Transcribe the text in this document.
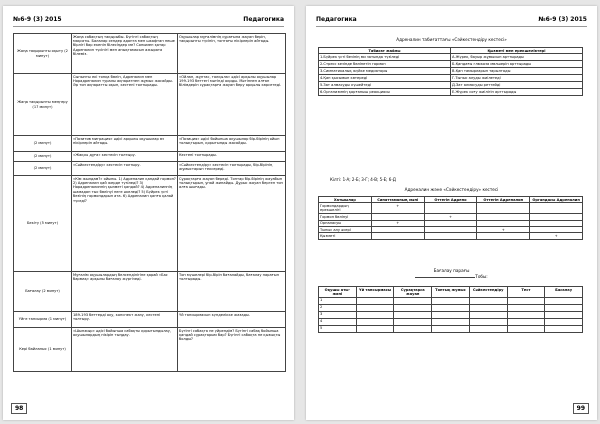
№6-9 (3) 2015	Педагогика
Жаңа тақырыпты оқыту (2 минут)	Жаңа сабақтың тақырыбы. Бүгінгі сабақтың мақсаты. Балалар сендер адапта мен шкафтан неше бірлігі бар екенін білесіңдер ме? Сонымен қатар Адреналин түсінігі мен анықтамасын ажырата білеміз.	Оқушылар мұғалімнің сұрағына жауап беріп, тақырыпты түсініп, топтағы пікірлерін айтады.
Жаңа тақырыпты меңгеру (17 минут)	Сыныпты екі топқа бөліп, Адреналин мен Норадреналин туралы ақпаратпен жұмыс жасайды. Әр топ ақпаратты оқып, кестені толтырады.	«Ойлан, жұптас, талқыла» әдісі арқылы оқушылар 199-193 беттегі мәтінді оқиды. Мәтіннен алған білімдерін сұрақтарға жауап беру арқылы көрсетеді.
(2 минут)	«Позитив миграция» әдісі арқылы оқушылар өз пікірлерін айтады.	«Позиция» әдісі бойынша оқушылар бір-бірінің ойын толықтырып, қорытынды жасайды.
(2 минут)	«Жақсы дұға» кестесін толтыру.	Кестені толтырады.
(2 минут)	«Сәйкестендіру» кестесін толтыру.	«Сәйкестендіру» кестесін толтырады, бір-бірінің жұмыстарын тексереді.
Бекіту (5 минут)	«Кім жылдам?» ойыны. 1) Адреналин қандай гормон? 2) Адреналин қай жерде түзіледі? 3) Норадреналиннің қызметі қандай? 4) Адреналиннің шамадан тыс бөлінуі неге әкеледі? 5) Бүйрек үсті безінің гормондарын ата. 6) Адреналин қанға қалай түседі?	Сұрақтарға жауап береді. Топтар бір-бірінің жауабын толықтырып, ұпай жинайды. Дұрыс жауап берген топ алға шығады.
Бағалау (2 минут)	Мұғалім оқушылардың белсенділігіне қарай «Бас бармақ» арқылы бағалау жүргізеді.	Топ мүшелері бір-бірін бағалайды, бағалау парағын толтырады.
Үйге тапсырма (1 минут)	189-193 беттерді оқу, конспект жазу, кестені толтыру.	Үй тапсырмасын күнделікке жазады.
Кері байланыс (1 минут)	«Шынжыр» әдісі бойынша сабақты қорытындылау, оқушылардың пікірін тыңдау.	Бүгінгі сабақта не үйрендім? Бүгінгі сабақ бойынша қандай сұрақтарым бар? Бүгінгі сабақта не қызықты болды?
98
Педагогика	№6-9 (3) 2015
Адреналин табиғаттағы «Сәйкестендіру кестесі»
Табиғат жайлы	Қызметі мен ерекшеліктері
1.Бүйрек үсті безінің ми затында түзіледі	А.Жүрек, бауыр жұмысын арттырады
2.Стресс кезінде бөлінетін гормон	Б.Қандағы глюкоза мөлшерін арттырады
3.Симпатикалық жүйке медиаторы	В.Қан тамырларын тарылтады
4.Қан қысымын көтереді	Г.Тыныс алуды жиілетеді
5.Зат алмасуды күшейтеді	Д.Зат алмасуды реттейді
6.Организмнің қорғаныш реакциясы	Е.Жүрек соғу жиілігін арттырады
Кілті: 1-А; 2-Б; 3-Г; 4-В; 5-Е; 6-Д
Адреналин және «Сәйкестендіру» кестесі
Хатшылар	Сипаттаманың мәні	Оттегін Адрено	Оттегін Адреналин	Органдағы Адреналин
Гормондардың ерекшелігі	+			
Гормон бөлінуі		+		
Орналасуы	+			
Тыныс алу әсері			+	
Қызметі				+
Бағалау парағы
Тобы:
Оқушы аты-жөні	Үй тапсырмасы	Сұрақтарға жауап	Топтық жұмыс	Сәйкестендіру	Тест	Бағалау
1						
2						
3						
4						
5						
99
